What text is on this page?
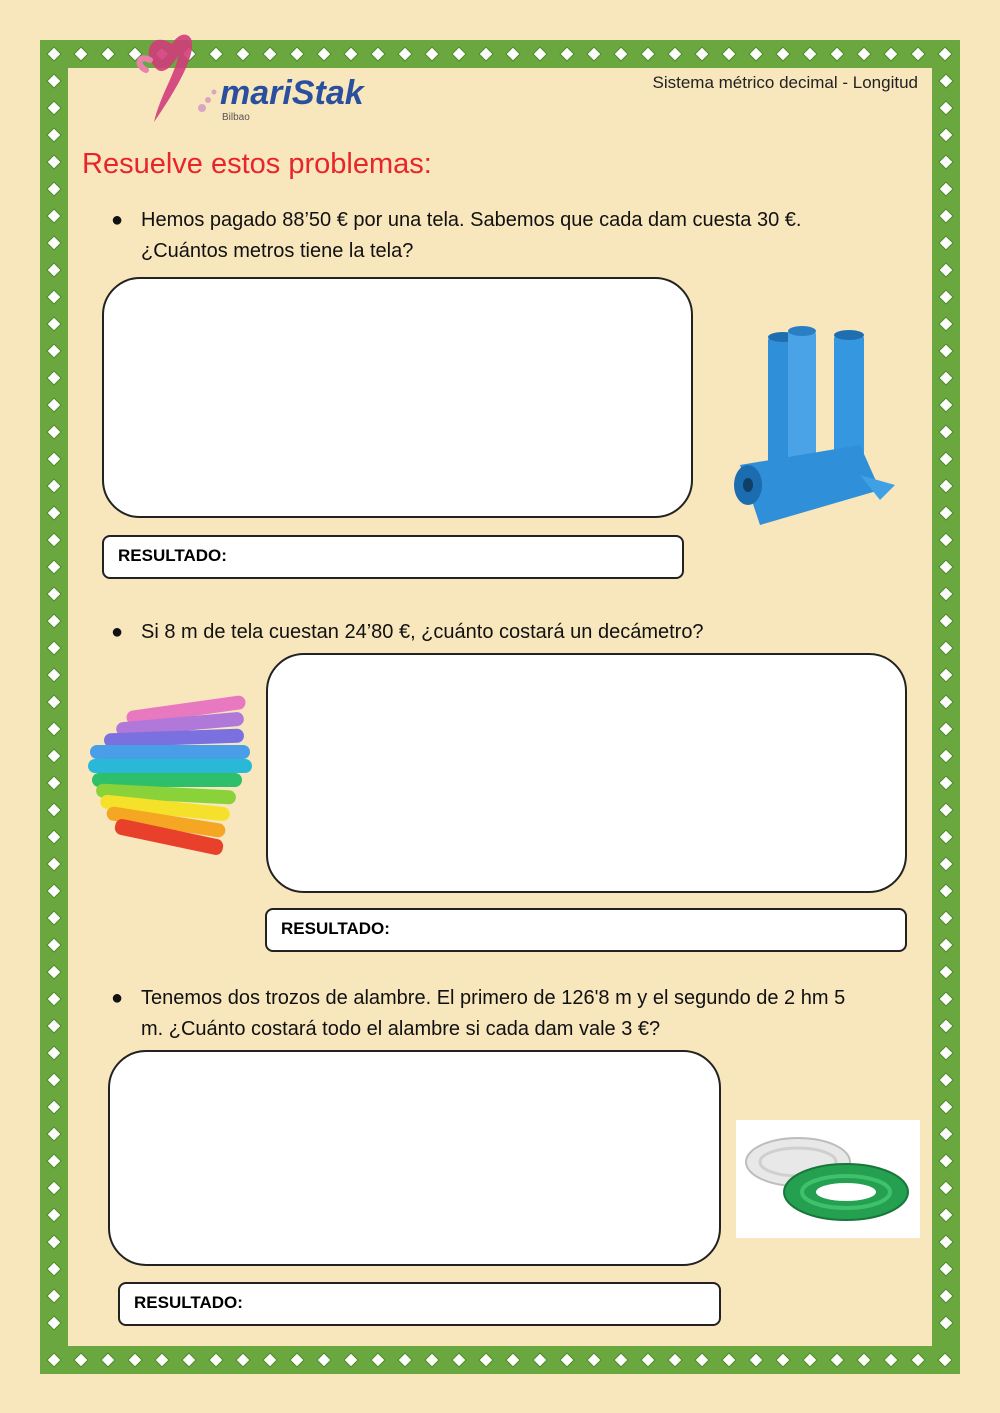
mariStak
Bilbao
Sistema métrico decimal - Longitud
Resuelve estos problemas:
● Hemos pagado 88’50 € por una tela. Sabemos que cada dam cuesta 30 €.
¿Cuántos metros tiene la tela?
RESULTADO:
● Si 8 m de tela cuestan 24’80 €, ¿cuánto costará un decámetro?
RESULTADO:
● Tenemos dos trozos de alambre. El primero de 126'8 m y el segundo de 2 hm 5
m. ¿Cuánto costará todo el alambre si cada dam vale 3 €?
RESULTADO:
